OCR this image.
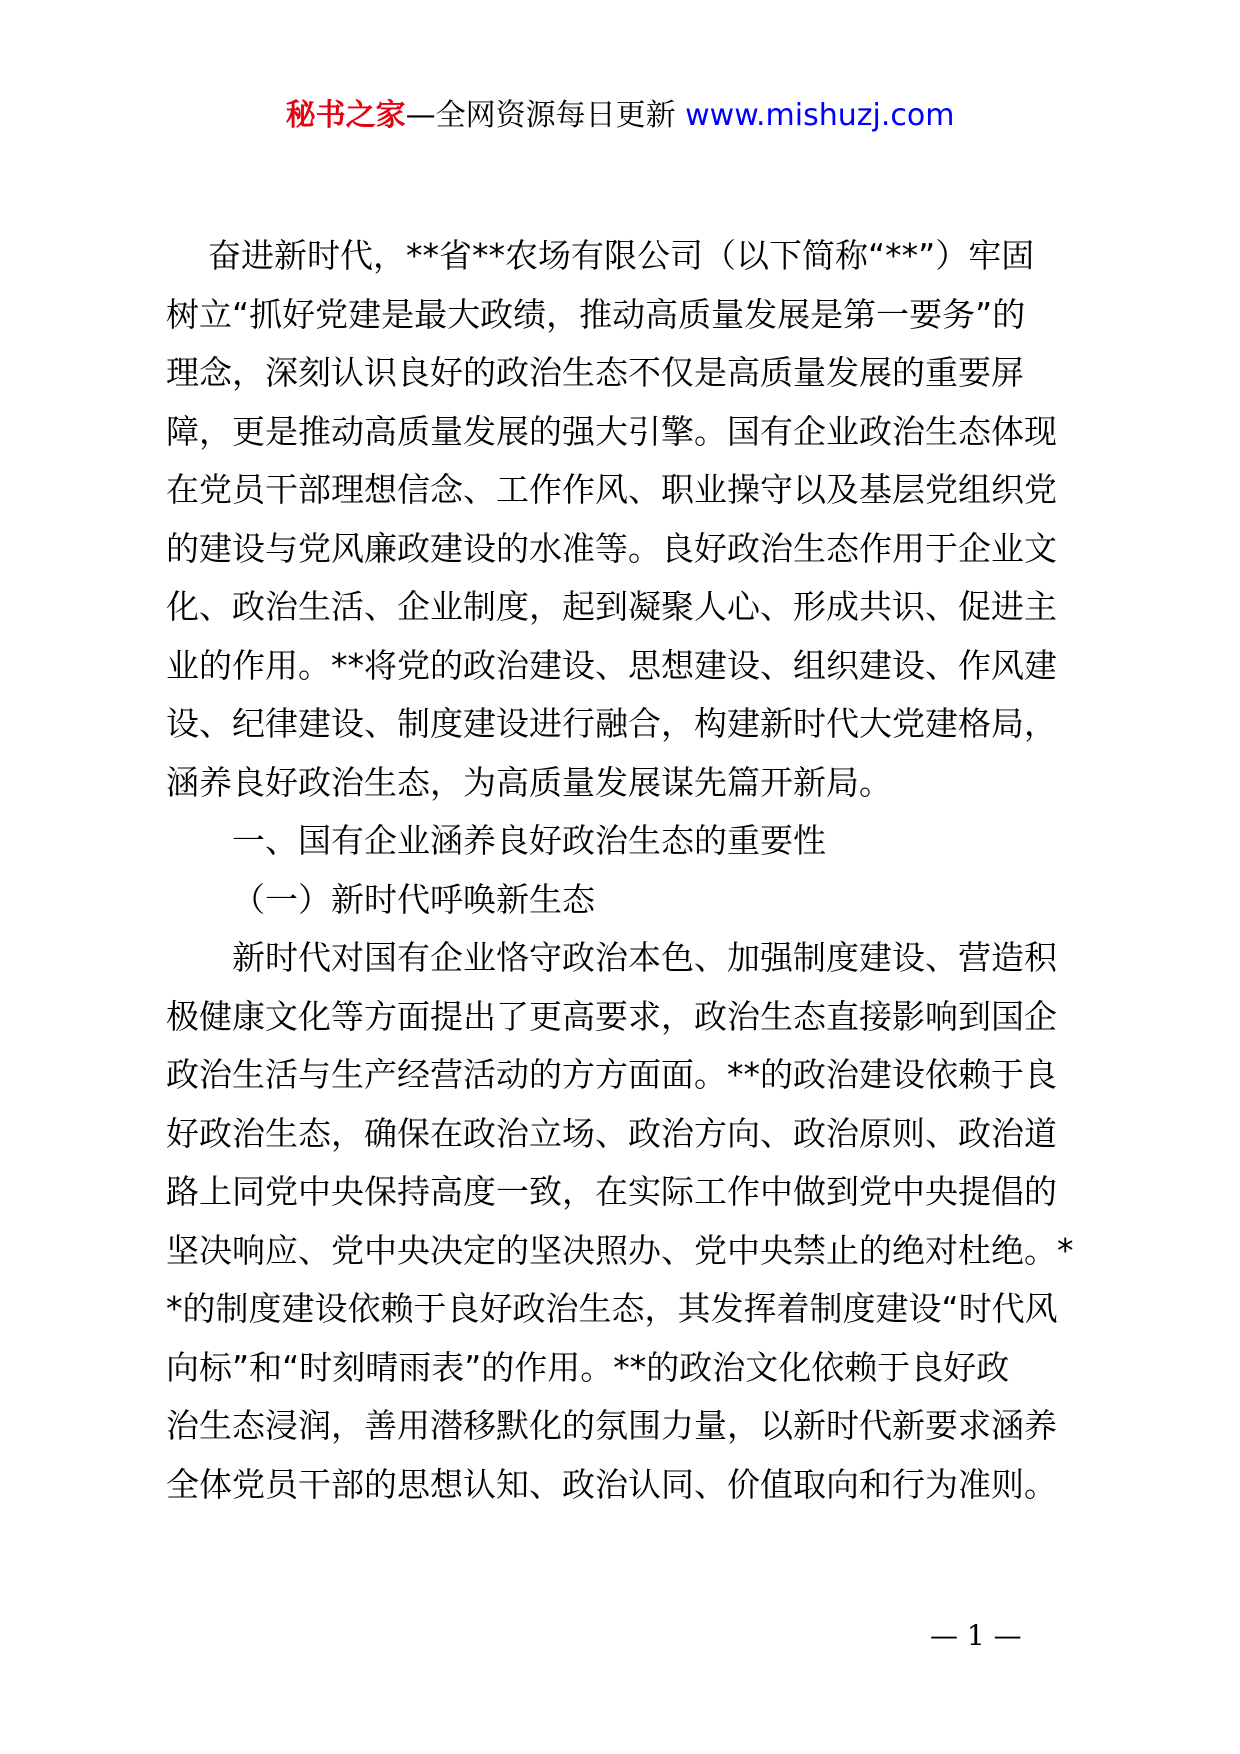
秘书之家—全网资源每日更新 www.mishuzj.com
奋进新时代，**省**农场有限公司（以下简称“**”）牢固
树立“抓好党建是最大政绩，推动高质量发展是第一要务”的
理念，深刻认识良好的政治生态不仅是高质量发展的重要屏
障，更是推动高质量发展的强大引擎。国有企业政治生态体现
在党员干部理想信念、工作作风、职业操守以及基层党组织党
的建设与党风廉政建设的水准等。良好政治生态作用于企业文
化、政治生活、企业制度，起到凝聚人心、形成共识、促进主
业的作用。**将党的政治建设、思想建设、组织建设、作风建
设、纪律建设、制度建设进行融合，构建新时代大党建格局，
涵养良好政治生态，为高质量发展谋先篇开新局。
一、国有企业涵养良好政治生态的重要性
（一）新时代呼唤新生态
新时代对国有企业恪守政治本色、加强制度建设、营造积
极健康文化等方面提出了更高要求，政治生态直接影响到国企
政治生活与生产经营活动的方方面面。**的政治建设依赖于良
好政治生态，确保在政治立场、政治方向、政治原则、政治道
路上同党中央保持高度一致，在实际工作中做到党中央提倡的
坚决响应、党中央决定的坚决照办、党中央禁止的绝对杜绝。*
*的制度建设依赖于良好政治生态，其发挥着制度建设“时代风
向标”和“时刻晴雨表”的作用。**的政治文化依赖于良好政
治生态浸润，善用潜移默化的氛围力量，以新时代新要求涵养
全体党员干部的思想认知、政治认同、价值取向和行为准则。
— 1 —
